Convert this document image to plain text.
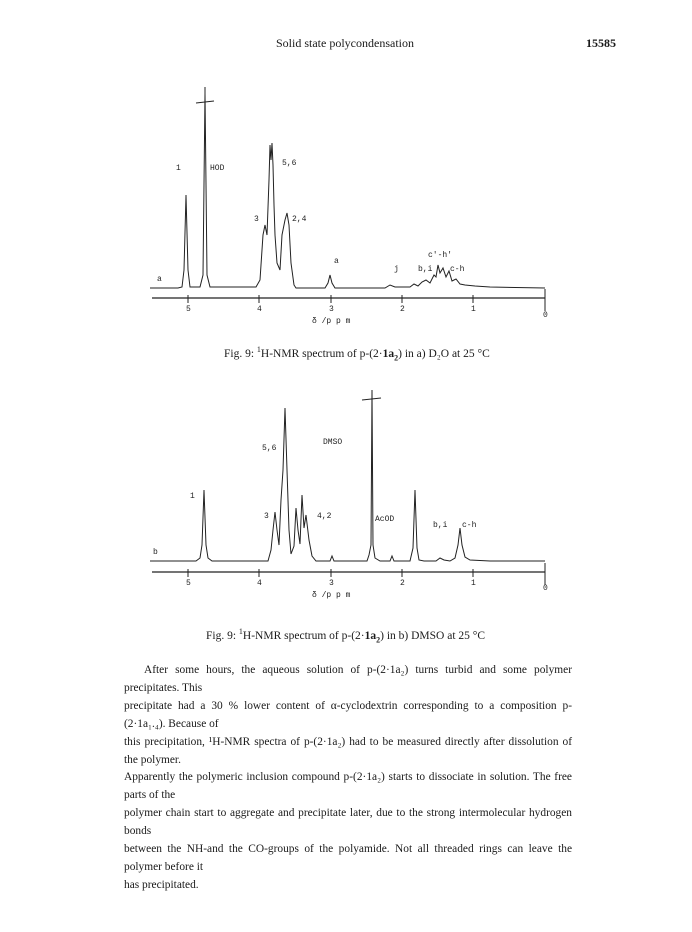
Solid state polycondensation	15585
5	4	3	2	1
0
δ /p p m
a
1	HOD
5,6
3	2,4
a
j b,i
c'-h'
c-h
Fig. 9: $^1$H-NMR spectrum of $p-(2\cdot 1a_2)$ in a) D₂O at 25 °C
5	4	3	2	1
0
δ /p p m
b
1
5,6
DMSO
3	4,2	AcOD
b,i c-h
Fig. 9: $^1$H-NMR spectrum of $p-(2\cdot 1a_2)$ in b) DMSO at 25 °C

After some hours, the aqueous solution of p-(2·1a₂) turns turbid and some polymer precipitates. This

precipitate had a 30 % lower content of α-cyclodextrin corresponding to a composition p-(2·1a₁.₄). Because of

this precipitation, ¹H-NMR spectra of p-(2·1a₂) had to be measured directly after dissolution of the polymer.

Apparently the polymeric inclusion compound p-(2·1a₂) starts to dissociate in solution. The free parts of the

polymer chain start to aggregate and precipitate later, due to the strong intermolecular hydrogen bonds

between the NH-and the CO-groups of the polyamide. Not all threaded rings can leave the polymer before it

has precipitated.
